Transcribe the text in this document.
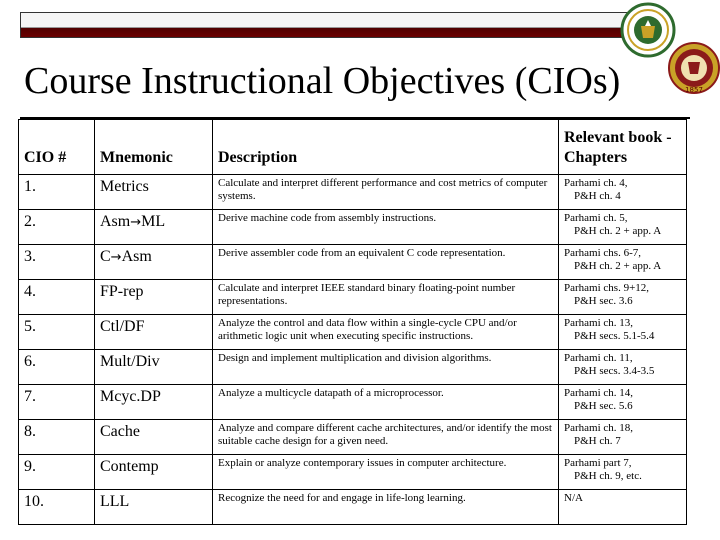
1857
Course Instructional Objectives (CIOs)
CIO #	Mnemonic	Description	Relevant book - Chapters
1.	Metrics	Calculate and interpret different performance and cost metrics of computer systems.	Parhami ch. 4,
P&H ch. 4

2.	Asm→ML	Derive machine code from assembly instructions.	Parhami ch. 5,
P&H ch. 2 + app. A

3.	C→Asm	Derive assembler code from an equivalent C code representation.	Parhami chs. 6-7,
P&H ch. 2 + app. A

4.	FP-rep	Calculate and interpret IEEE standard binary floating-point number representations.	Parhami chs. 9+12,
P&H sec. 3.6

5.	Ctl/DF	Analyze the control and data flow within a single-cycle CPU and/or arithmetic logic unit when executing specific instructions.	Parhami ch. 13,
P&H secs. 5.1-5.4

6.	Mult/Div	Design and implement multiplication and division algorithms.	Parhami ch. 11,
P&H secs. 3.4-3.5

7.	Mcyc.DP	Analyze a multicycle datapath of a microprocessor.	Parhami ch. 14,
P&H sec. 5.6

8.	Cache	Analyze and compare different cache architectures, and/or identify the most suitable cache design for a given need.	Parhami ch. 18,
P&H ch. 7

9.	Contemp	Explain or analyze contemporary issues in computer architecture.	Parhami part 7,
P&H ch. 9, etc.

10.	LLL	Recognize the need for and engage in life-long learning.	N/A
